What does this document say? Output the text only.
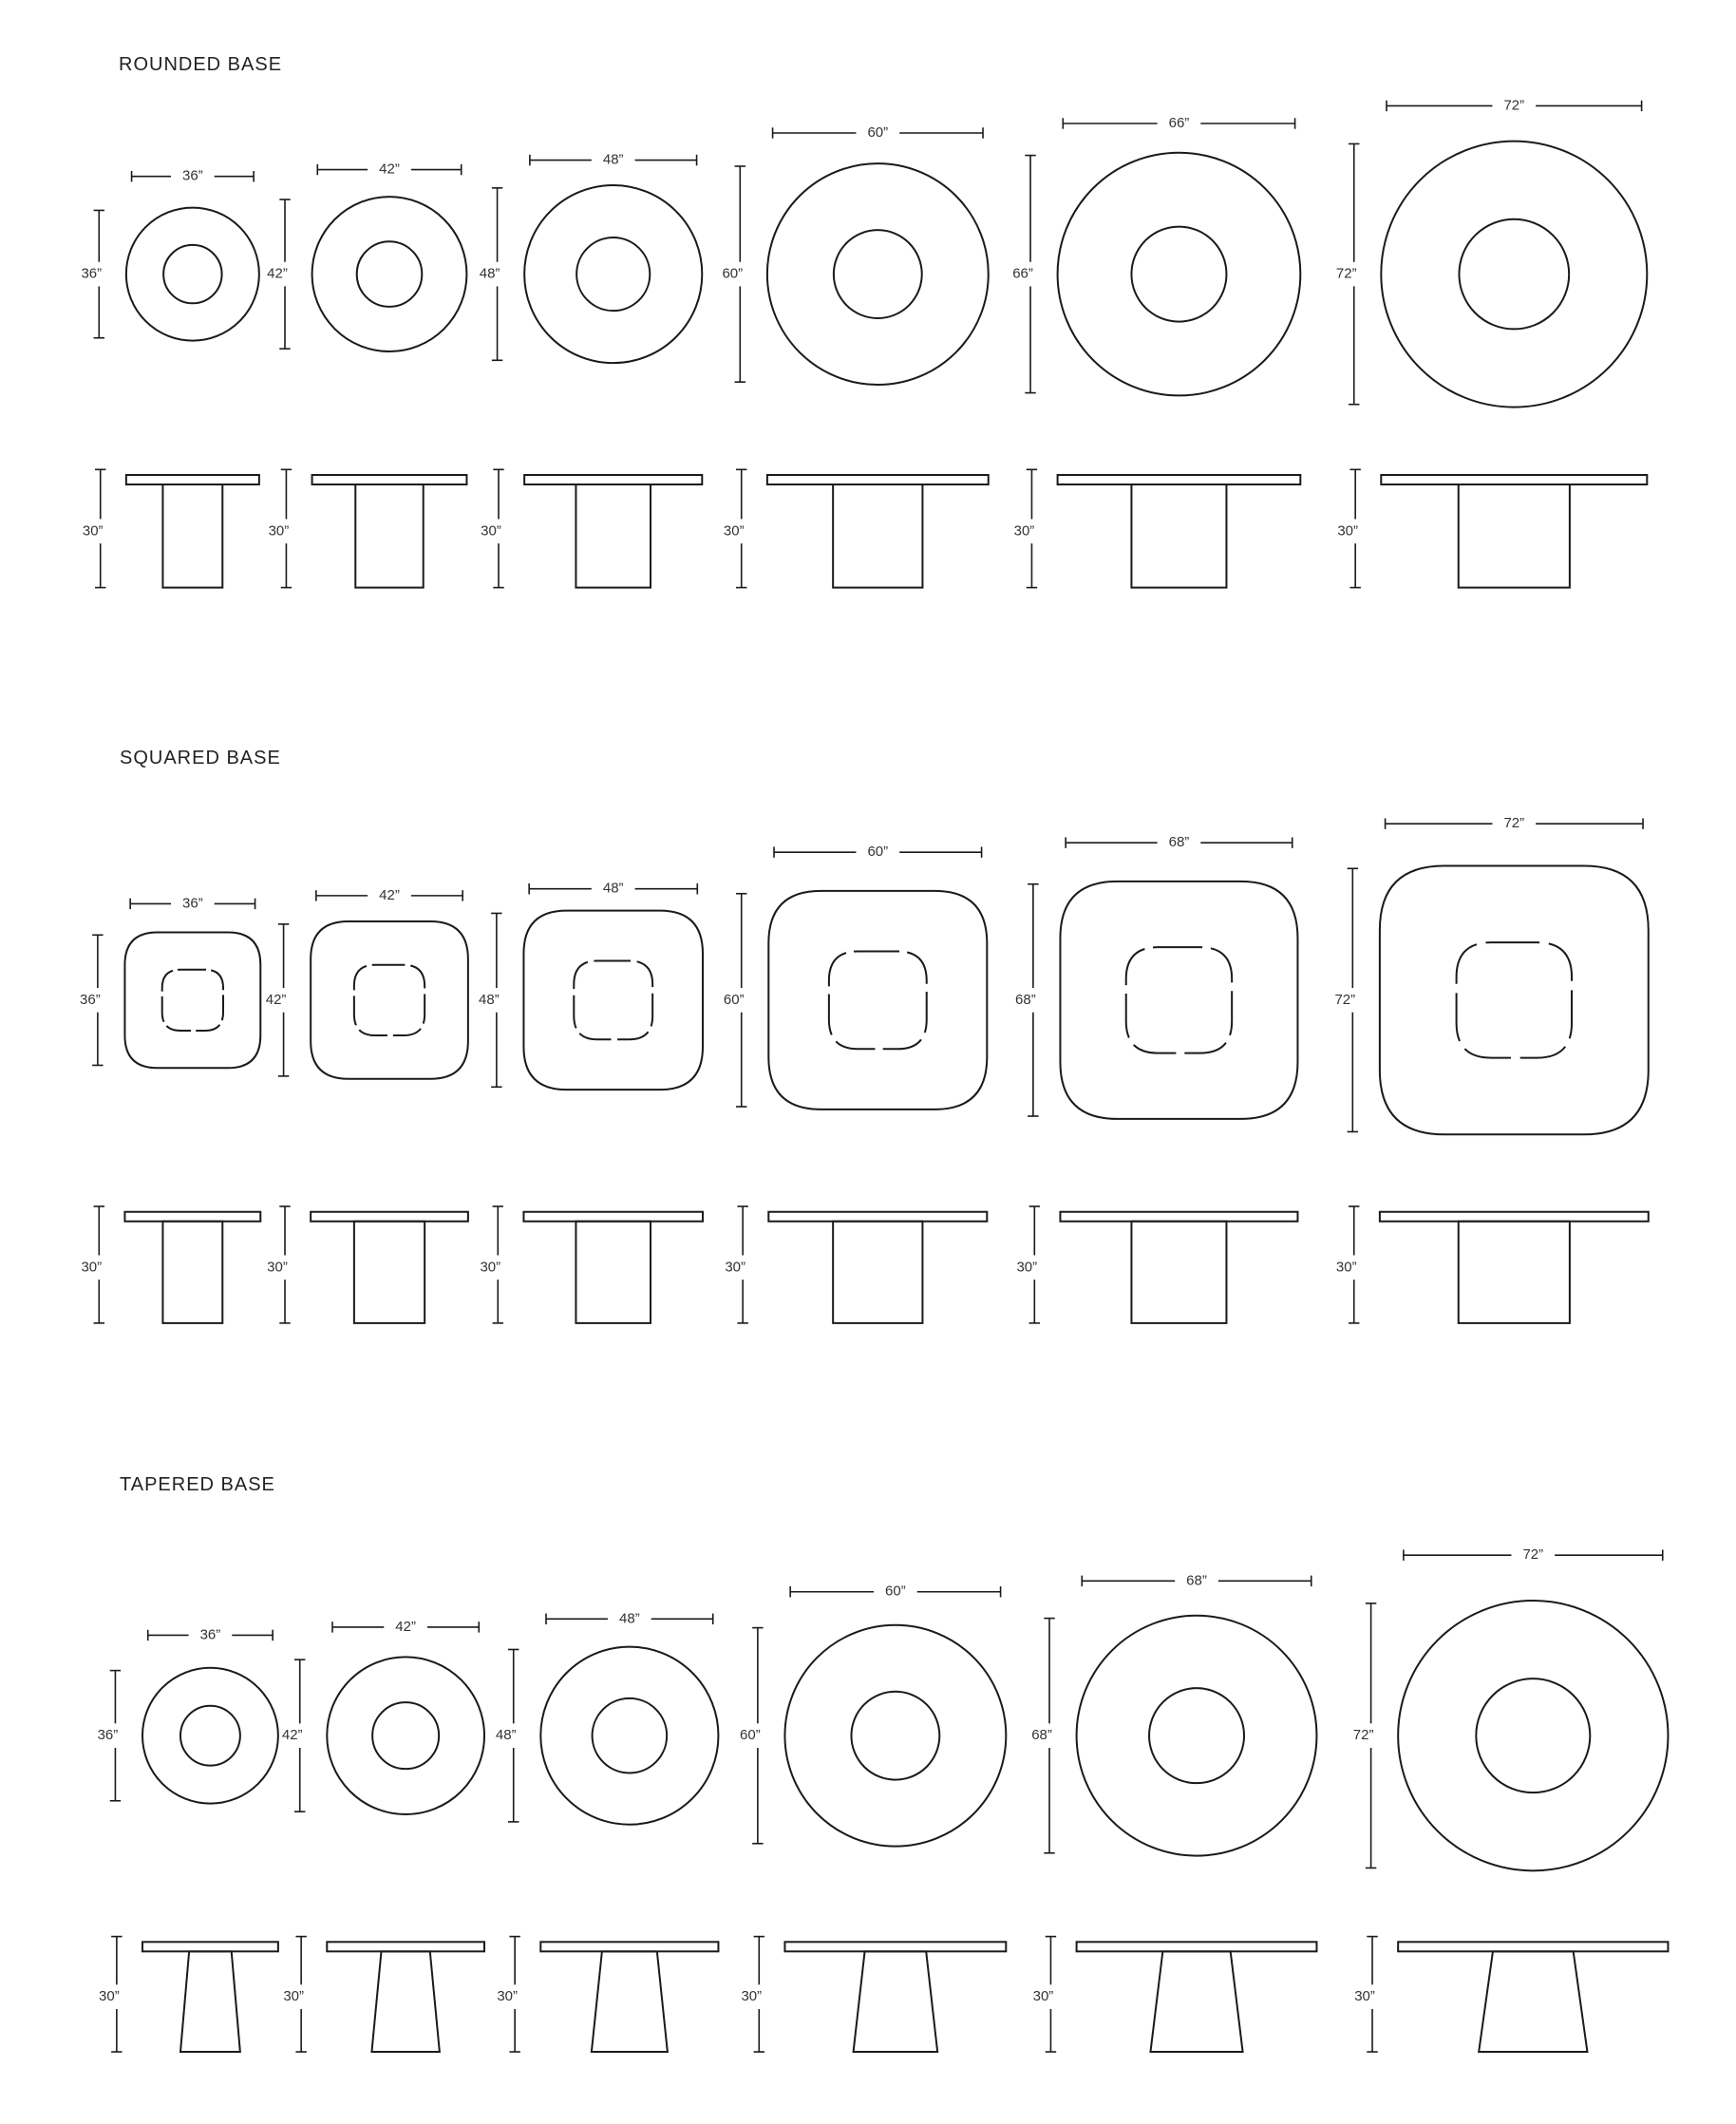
ROUNDED BASE
SQUARED BASE
TAPERED BASE
36”
36”
30”
42”
42”
30”
48”
48”
30”
60”
60”
30”
66”
66”
30”
72”
72”
30”
36”
36”
30”
42”
42”
30”
48”
48”
30”
60”
60”
30”
68”
68”
30”
72”
72”
30”
36”
36”
30”
42”
42”
30”
48”
48”
30”
60”
60”
30”
68”
68”
30”
72”
72”
30”
